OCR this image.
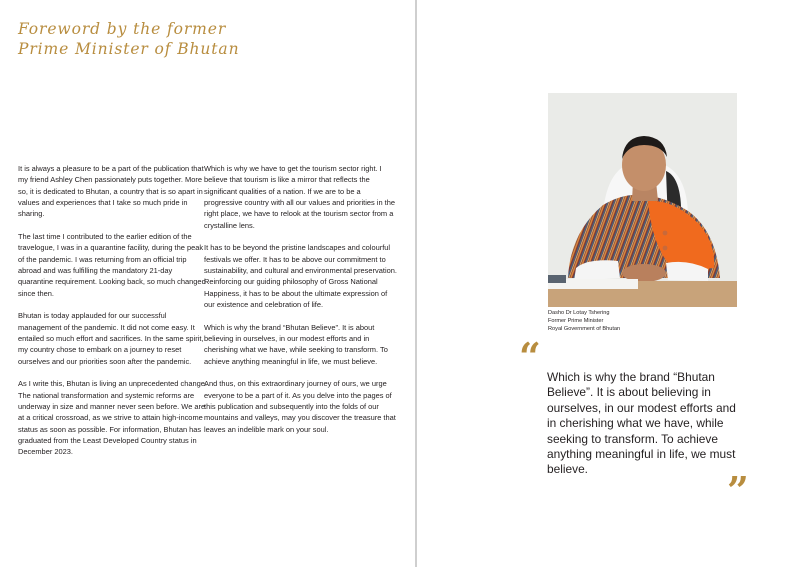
Foreword by the former
Prime Minister of Bhutan

It is always a pleasure to be a part of the publication that my friend Ashley Chen passionately puts together. More so, it is dedicated to Bhutan, a country that is so apart in values and experiences that I take so much pride in sharing.

The last time I contributed to the earlier edition of the travelogue, I was in a quarantine facility, during the peak of the pandemic. I was returning from an official trip abroad and was fulfilling the mandatory 21-day quarantine requirement. Looking back, so much changed since then.

Bhutan is today applauded for our successful management of the pandemic. It did not come easy. It entailed so much effort and sacrifices. In the same spirit, my country chose to embark on a journey to reset ourselves and our priorities soon after the pandemic.

As I write this, Bhutan is living an unprecedented change. The national transformation and systemic reforms are underway in size and manner never seen before. We are at a critical crossroad, as we strive to attain high-income status as soon as possible. For information, Bhutan has graduated from the Least Developed Country status in December 2023.

Which is why we have to get the tourism sector right. I believe that tourism is like a mirror that reflects the significant qualities of a nation. If we are to be a progressive country with all our values and priorities in the right place, we have to relook at the tourism sector from a crystalline lens.

It has to be beyond the pristine landscapes and colourful festivals we offer. It has to be above our commitment to sustainability, and cultural and environmental preservation. Reinforcing our guiding philosophy of Gross National Happiness, it has to be about the ultimate expression of our existence and celebration of life.

Which is why the brand “Bhutan Believe”. It is about believing in ourselves, in our modest efforts and in cherishing what we have, while seeking to transform. To achieve anything meaningful in life, we must believe.

And thus, on this extraordinary journey of ours, we urge everyone to be a part of it. As you delve into the pages of this publication and subsequently into the folds of our mountains and valleys, may you discover the treasure that leaves an indelible mark on your soul.

Dasho Dr Lotay Tshering
Former Prime Minister
Royal Government of Bhutan
“ Which is why the brand “Bhutan Believe”. It is about believing in ourselves, in our modest efforts and in cherishing what we have, while seeking to transform. To achieve anything meaningful in life, we must believe.	”
